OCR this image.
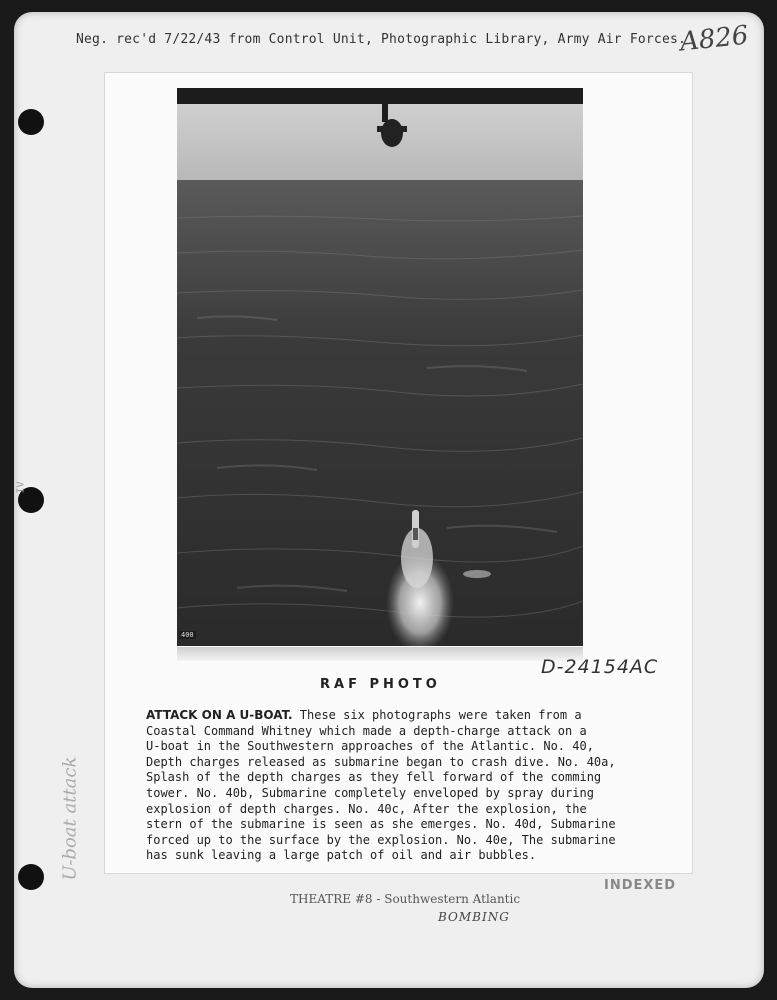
Neg. rec'd 7/22/43 from Control Unit, Photographic Library, Army Air Forces.
A826
U-boat attack
IV
400
D-24154AC
RAF PHOTO
ATTACK ON A U-BOAT. These six photographs were taken from a
Coastal Command Whitney which made a depth-charge attack on a
U-boat in the Southwestern approaches of the Atlantic. No. 40,
Depth charges released as submarine began to crash dive. No. 40a,
Splash of the depth charges as they fell forward of the comming
tower. No. 40b, Submarine completely enveloped by spray during
explosion of depth charges. No. 40c, After the explosion, the
stern of the submarine is seen as she emerges. No. 40d, Submarine
forced up to the surface by the explosion. No. 40e, The submarine
has sunk leaving a large patch of oil and air bubbles.
INDEXED
THEATRE #8 - Southwestern Atlantic
BOMBING
